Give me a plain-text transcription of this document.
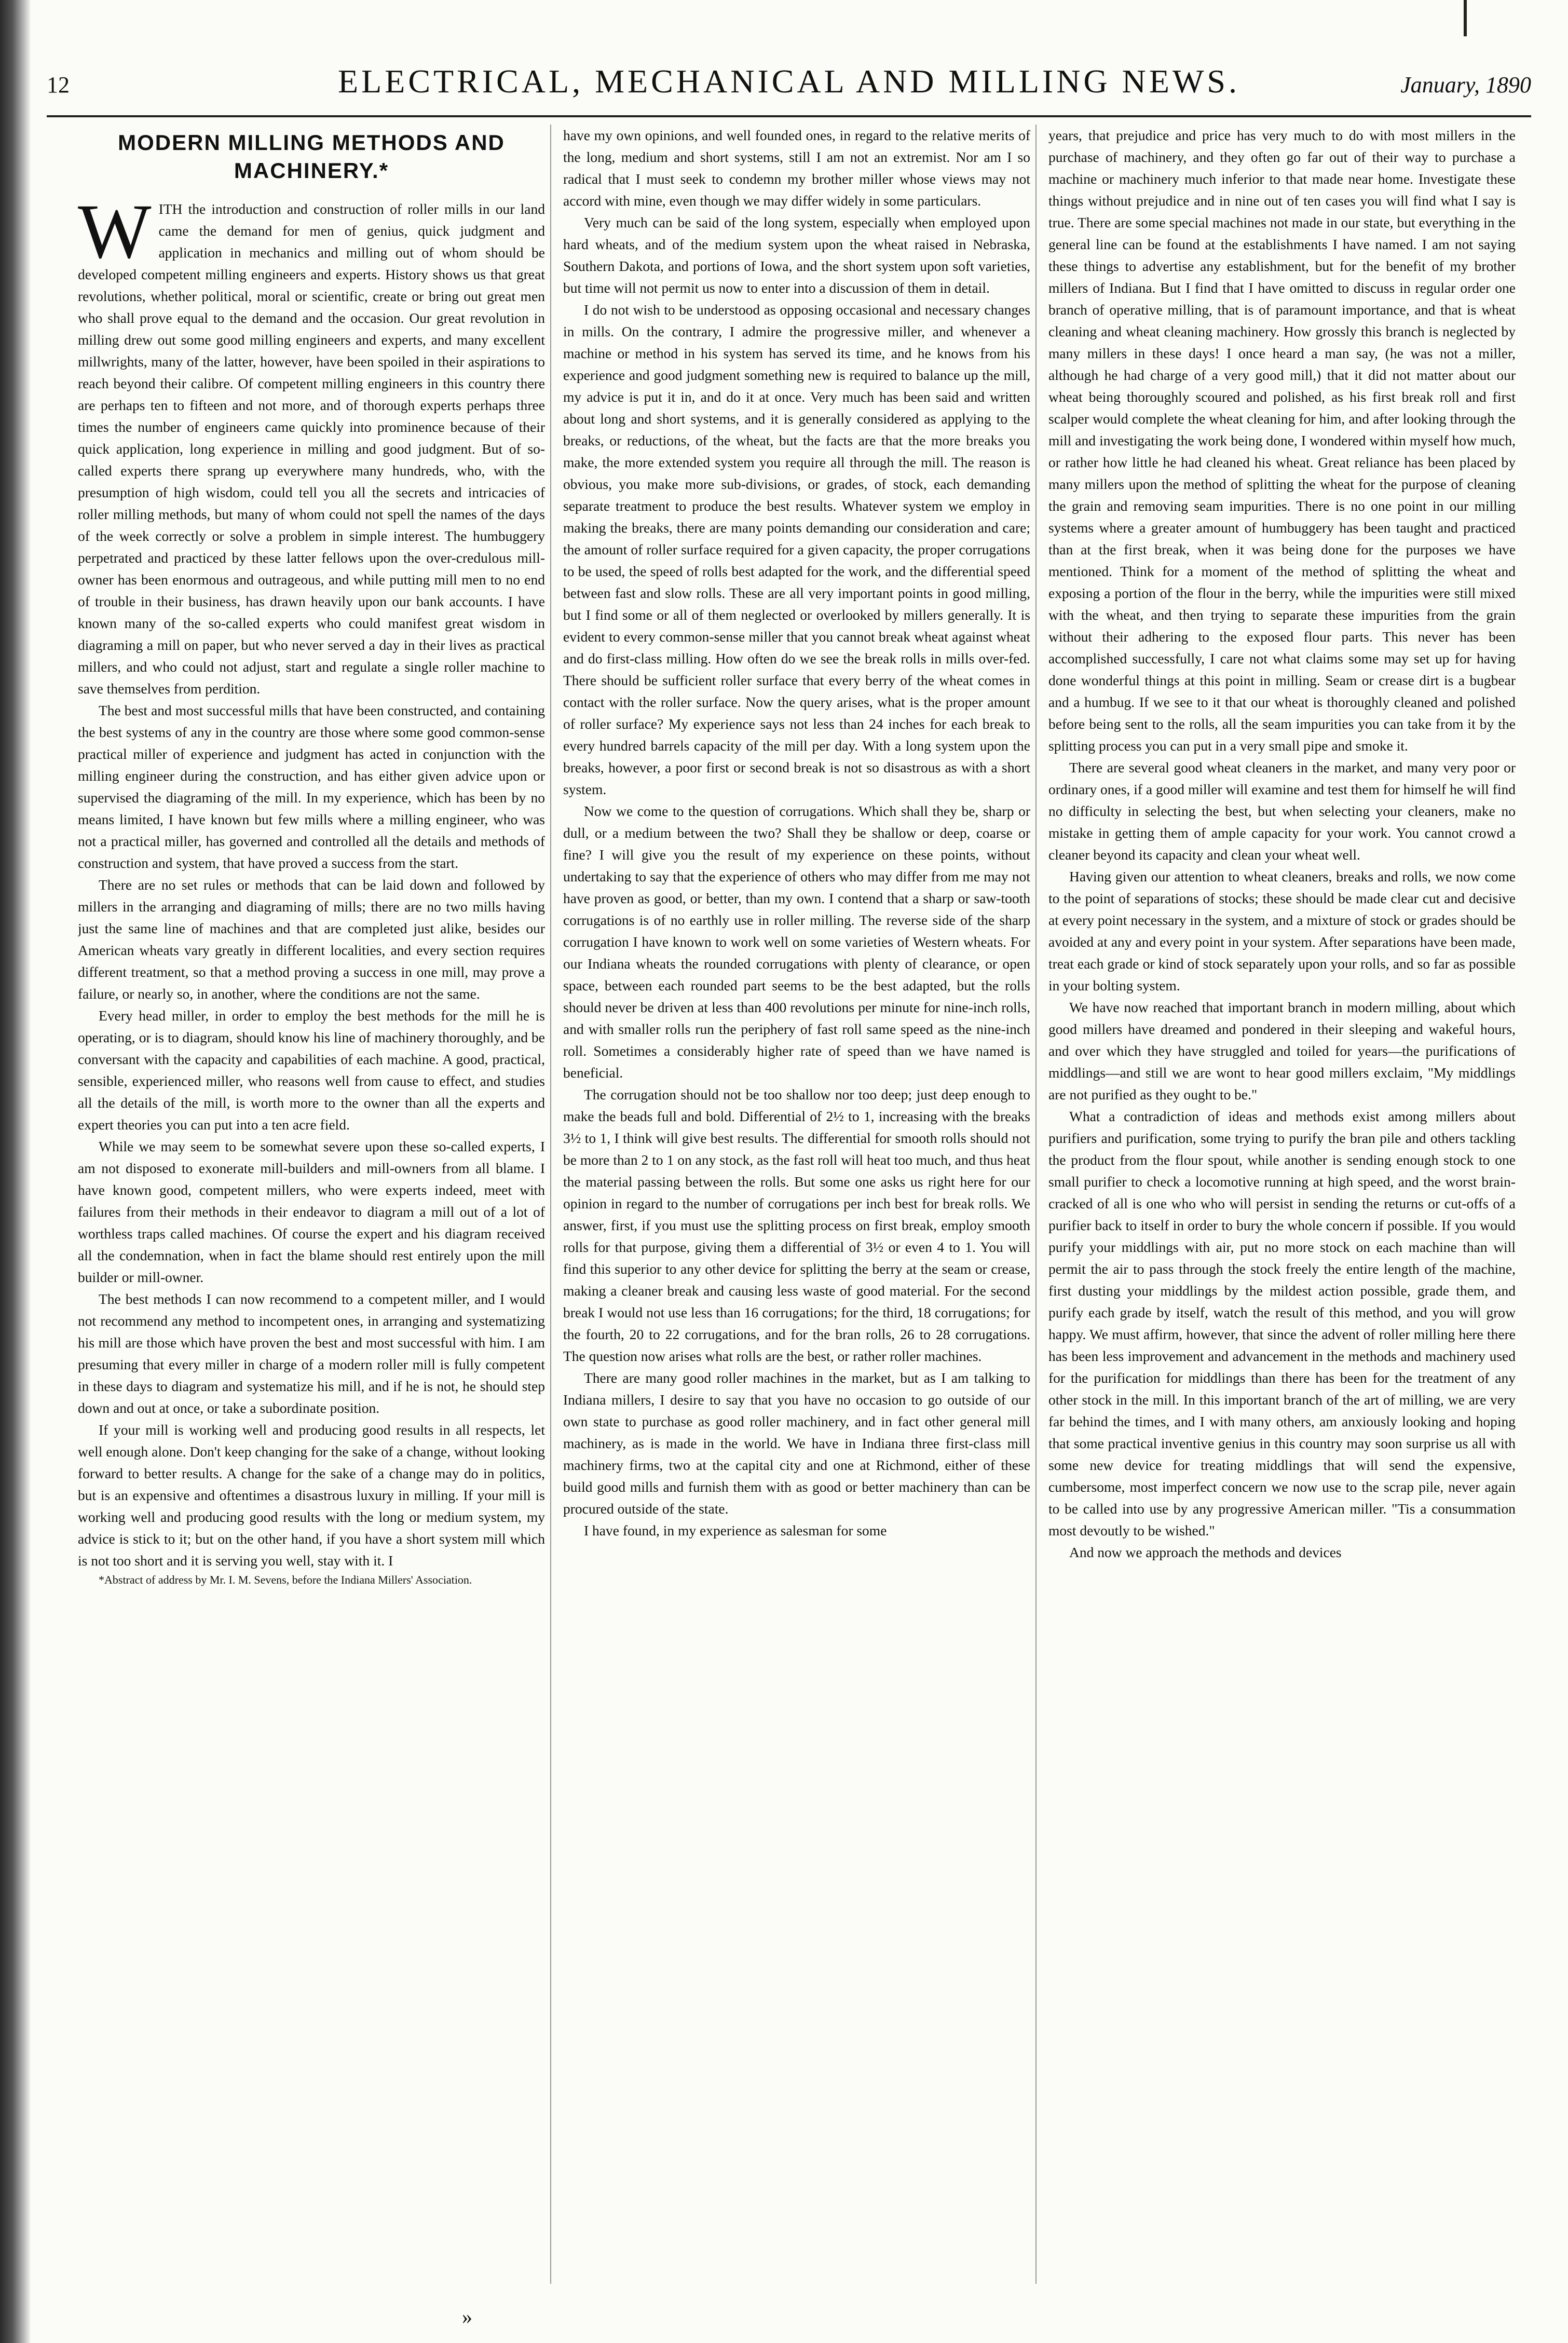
12	ELECTRICAL, MECHANICAL AND MILLING NEWS.	January, 1890
MODERN MILLING METHODS AND MACHINERY.*

WITH the introduction and construction of roller mills in our land came the demand for men of genius, quick judgment and application in mechanics and milling out of whom should be developed competent milling engineers and experts. History shows us that great revolutions, whether political, moral or scientific, create or bring out great men who shall prove equal to the demand and the occasion. Our great revolution in milling drew out some good milling engineers and experts, and many excellent millwrights, many of the latter, however, have been spoiled in their aspirations to reach beyond their calibre. Of competent milling engineers in this country there are perhaps ten to fifteen and not more, and of thorough experts perhaps three times the number of engineers came quickly into prominence because of their quick application, long experience in milling and good judgment. But of so-called experts there sprang up everywhere many hundreds, who, with the presumption of high wisdom, could tell you all the secrets and intricacies of roller milling methods, but many of whom could not spell the names of the days of the week correctly or solve a problem in simple interest. The humbuggery perpetrated and practiced by these latter fellows upon the over-credulous mill-owner has been enormous and outrageous, and while putting mill men to no end of trouble in their business, has drawn heavily upon our bank accounts. I have known many of the so-called experts who could manifest great wisdom in diagraming a mill on paper, but who never served a day in their lives as practical millers, and who could not adjust, start and regulate a single roller machine to save themselves from perdition.

The best and most successful mills that have been constructed, and containing the best systems of any in the country are those where some good common-sense practical miller of experience and judgment has acted in conjunction with the milling engineer during the construction, and has either given advice upon or supervised the diagraming of the mill. In my experience, which has been by no means limited, I have known but few mills where a milling engineer, who was not a practical miller, has governed and controlled all the details and methods of construction and system, that have proved a success from the start.

There are no set rules or methods that can be laid down and followed by millers in the arranging and diagraming of mills; there are no two mills having just the same line of machines and that are completed just alike, besides our American wheats vary greatly in different localities, and every section requires different treatment, so that a method proving a success in one mill, may prove a failure, or nearly so, in another, where the conditions are not the same.

Every head miller, in order to employ the best methods for the mill he is operating, or is to diagram, should know his line of machinery thoroughly, and be conversant with the capacity and capabilities of each machine. A good, practical, sensible, experienced miller, who reasons well from cause to effect, and studies all the details of the mill, is worth more to the owner than all the experts and expert theories you can put into a ten acre field.

While we may seem to be somewhat severe upon these so-called experts, I am not disposed to exonerate mill-builders and mill-owners from all blame. I have known good, competent millers, who were experts indeed, meet with failures from their methods in their endeavor to diagram a mill out of a lot of worthless traps called machines. Of course the expert and his diagram received all the condemnation, when in fact the blame should rest entirely upon the mill builder or mill-owner.

The best methods I can now recommend to a competent miller, and I would not recommend any method to incompetent ones, in arranging and systematizing his mill are those which have proven the best and most successful with him. I am presuming that every miller in charge of a modern roller mill is fully competent in these days to diagram and systematize his mill, and if he is not, he should step down and out at once, or take a subordinate position.

If your mill is working well and producing good results in all respects, let well enough alone. Don't keep changing for the sake of a change, without looking forward to better results. A change for the sake of a change may do in politics, but is an expensive and oftentimes a disastrous luxury in milling. If your mill is working well and producing good results with the long or medium system, my advice is stick to it; but on the other hand, if you have a short system mill which is not too short and it is serving you well, stay with it. I

*Abstract of address by Mr. I. M. Sevens, before the Indiana Millers' Association.

have my own opinions, and well founded ones, in regard to the relative merits of the long, medium and short systems, still I am not an extremist. Nor am I so radical that I must seek to condemn my brother miller whose views may not accord with mine, even though we may differ widely in some particulars.

Very much can be said of the long system, especially when employed upon hard wheats, and of the medium system upon the wheat raised in Nebraska, Southern Dakota, and portions of Iowa, and the short system upon soft varieties, but time will not permit us now to enter into a discussion of them in detail.

I do not wish to be understood as opposing occasional and necessary changes in mills. On the contrary, I admire the progressive miller, and whenever a machine or method in his system has served its time, and he knows from his experience and good judgment something new is required to balance up the mill, my advice is put it in, and do it at once. Very much has been said and written about long and short systems, and it is generally considered as applying to the breaks, or reductions, of the wheat, but the facts are that the more breaks you make, the more extended system you require all through the mill. The reason is obvious, you make more sub-divisions, or grades, of stock, each demanding separate treatment to produce the best results. Whatever system we employ in making the breaks, there are many points demanding our consideration and care; the amount of roller surface required for a given capacity, the proper corrugations to be used, the speed of rolls best adapted for the work, and the differential speed between fast and slow rolls. These are all very important points in good milling, but I find some or all of them neglected or overlooked by millers generally. It is evident to every common-sense miller that you cannot break wheat against wheat and do first-class milling. How often do we see the break rolls in mills over-fed. There should be sufficient roller surface that every berry of the wheat comes in contact with the roller surface. Now the query arises, what is the proper amount of roller surface? My experience says not less than 24 inches for each break to every hundred barrels capacity of the mill per day. With a long system upon the breaks, however, a poor first or second break is not so disastrous as with a short system.

Now we come to the question of corrugations. Which shall they be, sharp or dull, or a medium between the two? Shall they be shallow or deep, coarse or fine? I will give you the result of my experience on these points, without undertaking to say that the experience of others who may differ from me may not have proven as good, or better, than my own. I contend that a sharp or saw-tooth corrugations is of no earthly use in roller milling. The reverse side of the sharp corrugation I have known to work well on some varieties of Western wheats. For our Indiana wheats the rounded corrugations with plenty of clearance, or open space, between each rounded part seems to be the best adapted, but the rolls should never be driven at less than 400 revolutions per minute for nine-inch rolls, and with smaller rolls run the periphery of fast roll same speed as the nine-inch roll. Sometimes a considerably higher rate of speed than we have named is beneficial.

The corrugation should not be too shallow nor too deep; just deep enough to make the beads full and bold. Differential of 2½ to 1, increasing with the breaks 3½ to 1, I think will give best results. The differential for smooth rolls should not be more than 2 to 1 on any stock, as the fast roll will heat too much, and thus heat the material passing between the rolls. But some one asks us right here for our opinion in regard to the number of corrugations per inch best for break rolls. We answer, first, if you must use the splitting process on first break, employ smooth rolls for that purpose, giving them a differential of 3½ or even 4 to 1. You will find this superior to any other device for splitting the berry at the seam or crease, making a cleaner break and causing less waste of good material. For the second break I would not use less than 16 corrugations; for the third, 18 corrugations; for the fourth, 20 to 22 corrugations, and for the bran rolls, 26 to 28 corrugations. The question now arises what rolls are the best, or rather roller machines.

There are many good roller machines in the market, but as I am talking to Indiana millers, I desire to say that you have no occasion to go outside of our own state to purchase as good roller machinery, and in fact other general mill machinery, as is made in the world. We have in Indiana three first-class mill machinery firms, two at the capital city and one at Richmond, either of these build good mills and furnish them with as good or better machinery than can be procured outside of the state.

I have found, in my experience as salesman for some

years, that prejudice and price has very much to do with most millers in the purchase of machinery, and they often go far out of their way to purchase a machine or machinery much inferior to that made near home. Investigate these things without prejudice and in nine out of ten cases you will find what I say is true. There are some special machines not made in our state, but everything in the general line can be found at the establishments I have named. I am not saying these things to advertise any establishment, but for the benefit of my brother millers of Indiana. But I find that I have omitted to discuss in regular order one branch of operative milling, that is of paramount importance, and that is wheat cleaning and wheat cleaning machinery. How grossly this branch is neglected by many millers in these days! I once heard a man say, (he was not a miller, although he had charge of a very good mill,) that it did not matter about our wheat being thoroughly scoured and polished, as his first break roll and first scalper would complete the wheat cleaning for him, and after looking through the mill and investigating the work being done, I wondered within myself how much, or rather how little he had cleaned his wheat. Great reliance has been placed by many millers upon the method of splitting the wheat for the purpose of cleaning the grain and removing seam impurities. There is no one point in our milling systems where a greater amount of humbuggery has been taught and practiced than at the first break, when it was being done for the purposes we have mentioned. Think for a moment of the method of splitting the wheat and exposing a portion of the flour in the berry, while the impurities were still mixed with the wheat, and then trying to separate these impurities from the grain without their adhering to the exposed flour parts. This never has been accomplished successfully, I care not what claims some may set up for having done wonderful things at this point in milling. Seam or crease dirt is a bugbear and a humbug. If we see to it that our wheat is thoroughly cleaned and polished before being sent to the rolls, all the seam impurities you can take from it by the splitting process you can put in a very small pipe and smoke it.

There are several good wheat cleaners in the market, and many very poor or ordinary ones, if a good miller will examine and test them for himself he will find no difficulty in selecting the best, but when selecting your cleaners, make no mistake in getting them of ample capacity for your work. You cannot crowd a cleaner beyond its capacity and clean your wheat well.

Having given our attention to wheat cleaners, breaks and rolls, we now come to the point of separations of stocks; these should be made clear cut and decisive at every point necessary in the system, and a mixture of stock or grades should be avoided at any and every point in your system. After separations have been made, treat each grade or kind of stock separately upon your rolls, and so far as possible in your bolting system.

We have now reached that important branch in modern milling, about which good millers have dreamed and pondered in their sleeping and wakeful hours, and over which they have struggled and toiled for years—the purifications of middlings—and still we are wont to hear good millers exclaim, "My middlings are not purified as they ought to be."

What a contradiction of ideas and methods exist among millers about purifiers and purification, some trying to purify the bran pile and others tackling the product from the flour spout, while another is sending enough stock to one small purifier to check a locomotive running at high speed, and the worst brain-cracked of all is one who who will persist in sending the returns or cut-offs of a purifier back to itself in order to bury the whole concern if possible. If you would purify your middlings with air, put no more stock on each machine than will permit the air to pass through the stock freely the entire length of the machine, first dusting your middlings by the mildest action possible, grade them, and purify each grade by itself, watch the result of this method, and you will grow happy. We must affirm, however, that since the advent of roller milling here there has been less improvement and advancement in the methods and machinery used for the purification for middlings than there has been for the treatment of any other stock in the mill. In this important branch of the art of milling, we are very far behind the times, and I with many others, am anxiously looking and hoping that some practical inventive genius in this country may soon surprise us all with some new device for treating middlings that will send the expensive, cumbersome, most imperfect concern we now use to the scrap pile, never again to be called into use by any progressive American miller. "Tis a consummation most devoutly to be wished."

And now we approach the methods and devices

»
